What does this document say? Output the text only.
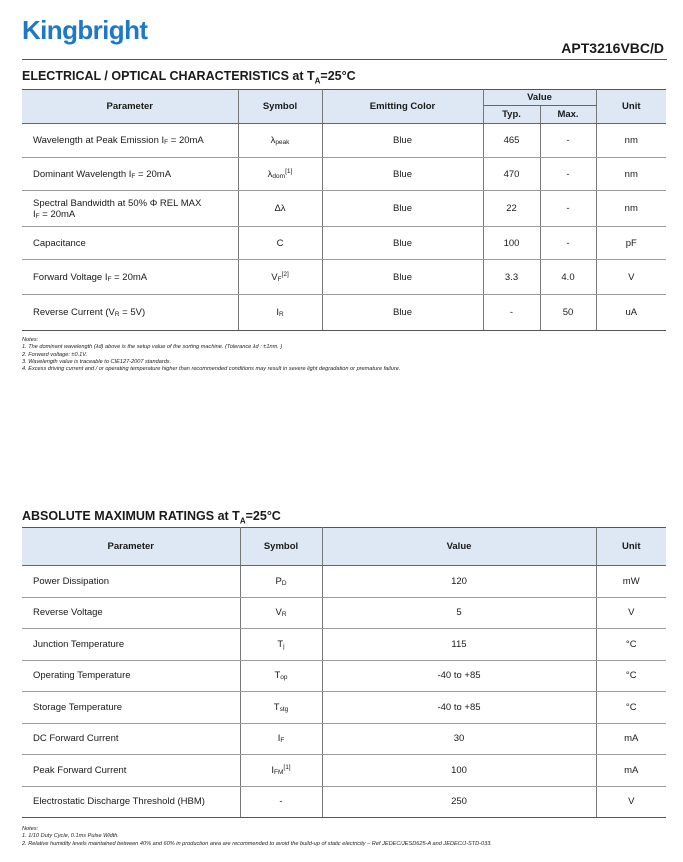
Kingbright
APT3216VBC/D
ELECTRICAL / OPTICAL CHARACTERISTICS at $T_A=25^\circ C$
Parameter	Symbol	Emitting Color	Value		Unit
			Typ.	Max.	

Wavelength at Peak Emission IF = 20mA	λpeak	Blue	465	-	nm

Dominant Wavelength IF = 20mA	λdom[1]	Blue	470	-	nm

Spectral Bandwidth at 50% Φ REL MAX
IF = 20mA	Δλ	Blue	22	-	nm

Capacitance	C	Blue	100	-	pF

Forward Voltage IF = 20mA	VF[2]	Blue	3.3	4.0	V

Reverse Current (VR = 5V)	IR	Blue	-	50	uA
Notes:
1. The dominant wavelength (λd) above is the setup value of the sorting machine. (Tolerance λd : ±1nm. )
2. Forward voltage: ±0.1V.
3. Wavelength value is traceable to CIE127-2007 standards.
4. Excess driving current and / or operating temperature higher than recommended conditions may result in severe light degradation or premature failure.
ABSOLUTE MAXIMUM RATINGS at $T_A=25^\circ C$
Parameter	Symbol	Value	Unit
Power Dissipation	PD	120	mW
Reverse Voltage	VR	5	V
Junction Temperature	Tj	115	°C
Operating Temperature	Top	-40 to +85	°C
Storage Temperature	Tstg	-40 to +85	°C
DC Forward Current	IF	30	mA
Peak Forward Current	IFM[1]	100	mA
Electrostatic Discharge Threshold (HBM)	-	250	V
Notes:
1. 1/10 Duty Cycle, 0.1ms Pulse Width.
2. Relative humidity levels maintained between 40% and 60% in production area are recommended to avoid the build-up of static electricity – Ref JEDEC/JESD625-A and JEDEC/J-STD-033.
